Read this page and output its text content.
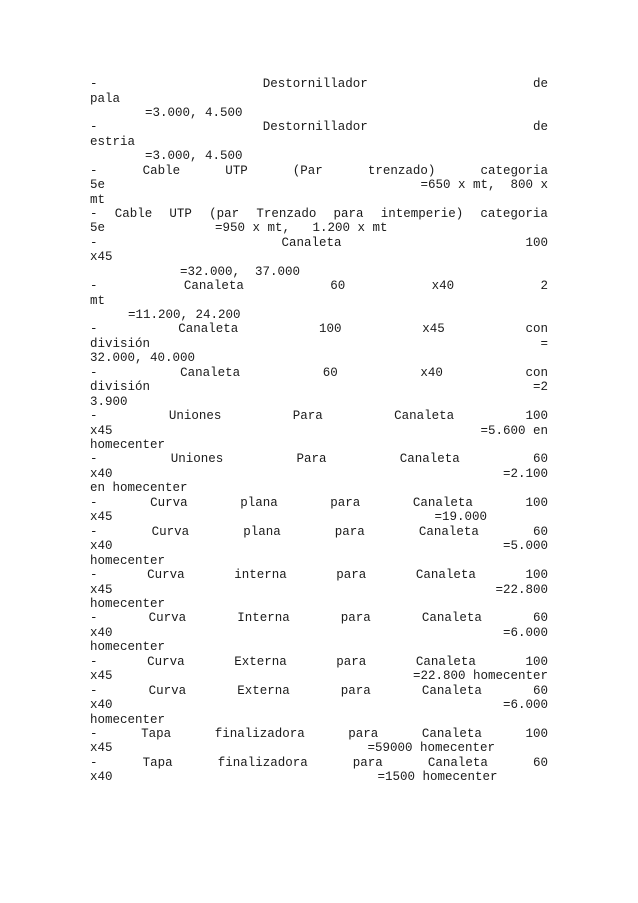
-	Destornillador	de
pala
=3.000, 4.500
-	Destornillador	de
estria
=3.000, 4.500
-	Cable	UTP	(Par	trenzado)	categoria
5e	=650 x mt,  800 x
mt
- Cable UTP (par Trenzado para intemperie) categoria
5e	=950 x mt,   1.200 x mt
-	Canaleta	100
x45
=32.000,  37.000
-	Canaleta	60	x40	2
mt
=11.200, 24.200
-	Canaleta	100	x45	con
división	=
32.000, 40.000
-	Canaleta	60	x40	con
división	=2
3.900
-	Uniones	Para	Canaleta	100
x45	=5.600 en
homecenter
-	Uniones	Para	Canaleta	60
x40	=2.100
en homecenter
-	Curva	plana	para	Canaleta	100
x45	=19.000
-	Curva	plana	para	Canaleta	60
x40	=5.000
homecenter
-	Curva	interna	para	Canaleta	100
x45	=22.800
homecenter
-	Curva	Interna	para	Canaleta	60
x40	=6.000
homecenter
-	Curva	Externa	para	Canaleta	100
x45	=22.800 homecenter
-	Curva	Externa	para	Canaleta	60
x40	=6.000
homecenter
-	Tapa	finalizadora	para	Canaleta	100
x45	=59000 homecenter
-	Tapa	finalizadora	para	Canaleta	60
x40	=1500 homecenter
